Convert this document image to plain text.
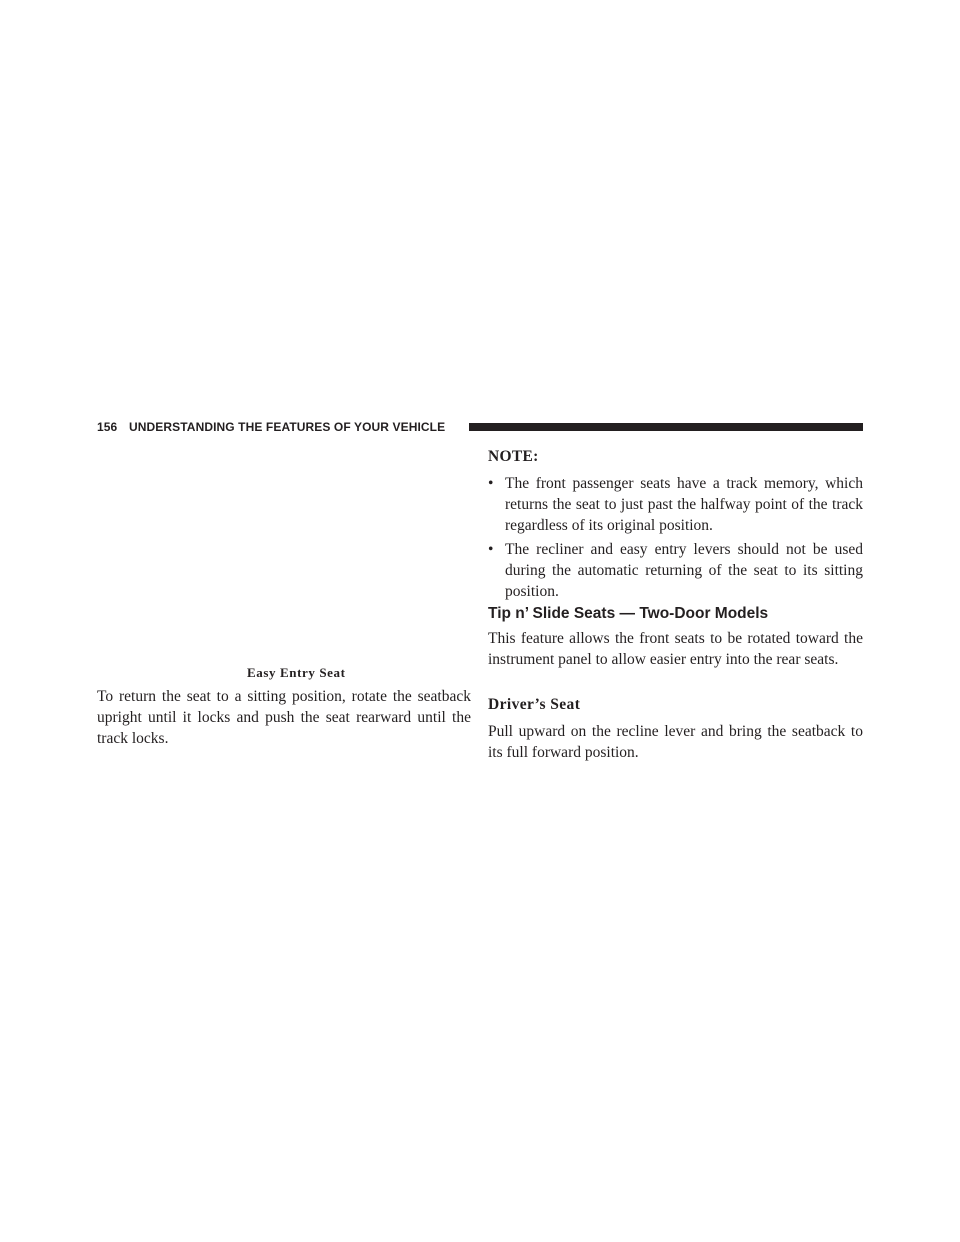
156 UNDERSTANDING THE FEATURES OF YOUR VEHICLE
Easy Entry Seat

To return the seat to a sitting position, rotate the seatback upright until it locks and push the seat rearward until the track locks.

NOTE:
• The front passenger seats have a track memory, which returns the seat to just past the halfway point of the track regardless of its original position.

• The recliner and easy entry levers should not be used during the automatic returning of the seat to its sitting position.

Tip n’ Slide Seats — Two-Door Models

This feature allows the front seats to be rotated toward the instrument panel to allow easier entry into the rear seats.

Driver’s Seat

Pull upward on the recline lever and bring the seatback to its full forward position.
